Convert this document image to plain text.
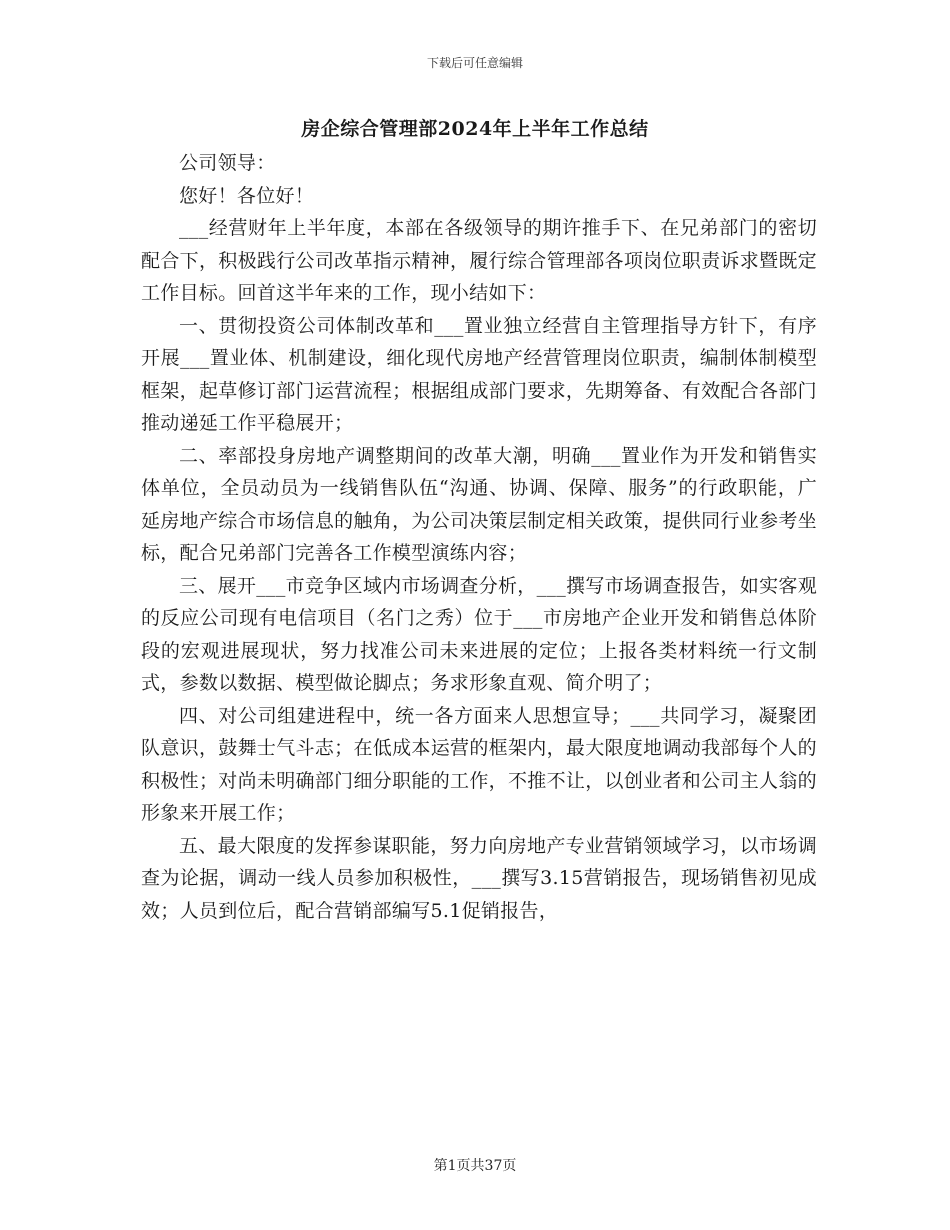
下载后可任意编辑
房企综合管理部2024年上半年工作总结

公司领导：

您好！各位好！

___经营财年上半年度，本部在各级领导的期许推手下、在兄弟部门的密切配合下，积极践行公司改革指示精神，履行综合管理部各项岗位职责诉求暨既定工作目标。回首这半年来的工作，现小结如下：

一、贯彻投资公司体制改革和___置业独立经营自主管理指导方针下，有序开展___置业体、机制建设，细化现代房地产经营管理岗位职责，编制体制模型框架，起草修订部门运营流程；根据组成部门要求，先期筹备、有效配合各部门推动递延工作平稳展开；

二、率部投身房地产调整期间的改革大潮，明确___置业作为开发和销售实体单位，全员动员为一线销售队伍“沟通、协调、保障、服务”的行政职能，广延房地产综合市场信息的触角，为公司决策层制定相关政策，提供同行业参考坐标，配合兄弟部门完善各工作模型演练内容；

三、展开___市竞争区域内市场调查分析，___撰写市场调查报告，如实客观的反应公司现有电信项目（名门之秀）位于___市房地产企业开发和销售总体阶段的宏观进展现状，努力找准公司未来进展的定位；上报各类材料统一行文制式，参数以数据、模型做论脚点；务求形象直观、简介明了；

四、对公司组建进程中，统一各方面来人思想宣导；___共同学习，凝聚团队意识，鼓舞士气斗志；在低成本运营的框架内，最大限度地调动我部每个人的积极性；对尚未明确部门细分职能的工作，不推不让，以创业者和公司主人翁的形象来开展工作；

五、最大限度的发挥参谋职能，努力向房地产专业营销领域学习，以市场调查为论据，调动一线人员参加积极性，___撰写3.15营销报告，现场销售初见成效；人员到位后，配合营销部编写5.1促销报告，

第1页共37页
